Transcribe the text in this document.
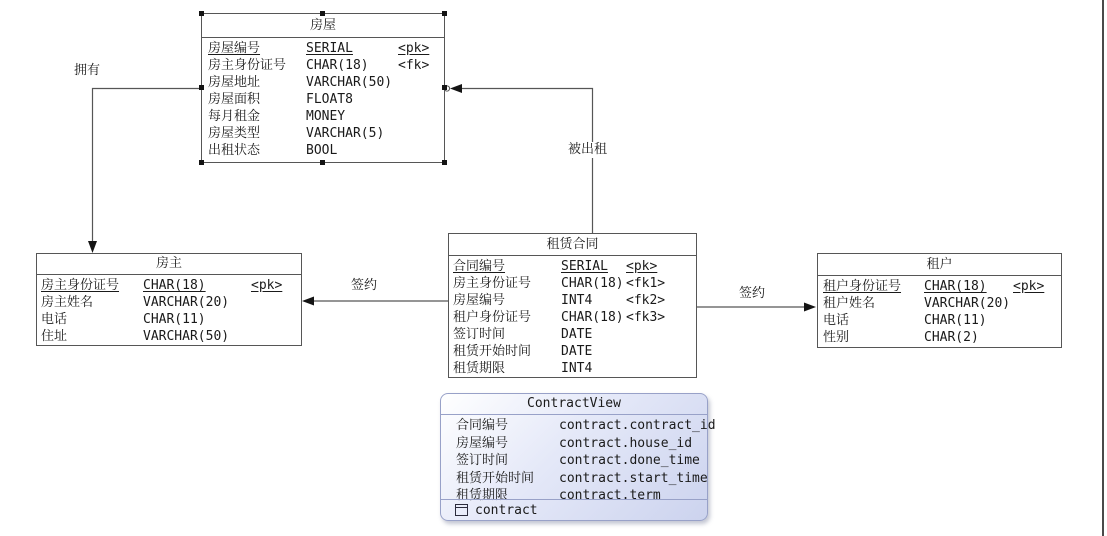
拥有
被出租
签约
签约
房屋
房屋编号	SERIAL	<pk>
房主身份证号	CHAR(18)	<fk>
房屋地址	VARCHAR(50)
房屋面积	FLOAT8
每月租金	MONEY
房屋类型	VARCHAR(5)
出租状态	BOOL
房主
房主身份证号	CHAR(18)	<pk>
房主姓名	VARCHAR(20)
电话	CHAR(11)
住址	VARCHAR(50)
租赁合同
合同编号	SERIAL	<pk>
房主身份证号	CHAR(18) <fk1>
房屋编号	INT4	<fk2>
租户身份证号	CHAR(18) <fk3>
签订时间	DATE
租赁开始时间	DATE
租赁期限	INT4
租户
租户身份证号	CHAR(18)	<pk>
租户姓名	VARCHAR(20)
电话	CHAR(11)
性别	CHAR(2)
ContractView
合同编号	contract.contract_id
房屋编号	contract.house_id
签订时间	contract.done_time
租赁开始时间	contract.start_time
租赁期限	contract.term
contract
